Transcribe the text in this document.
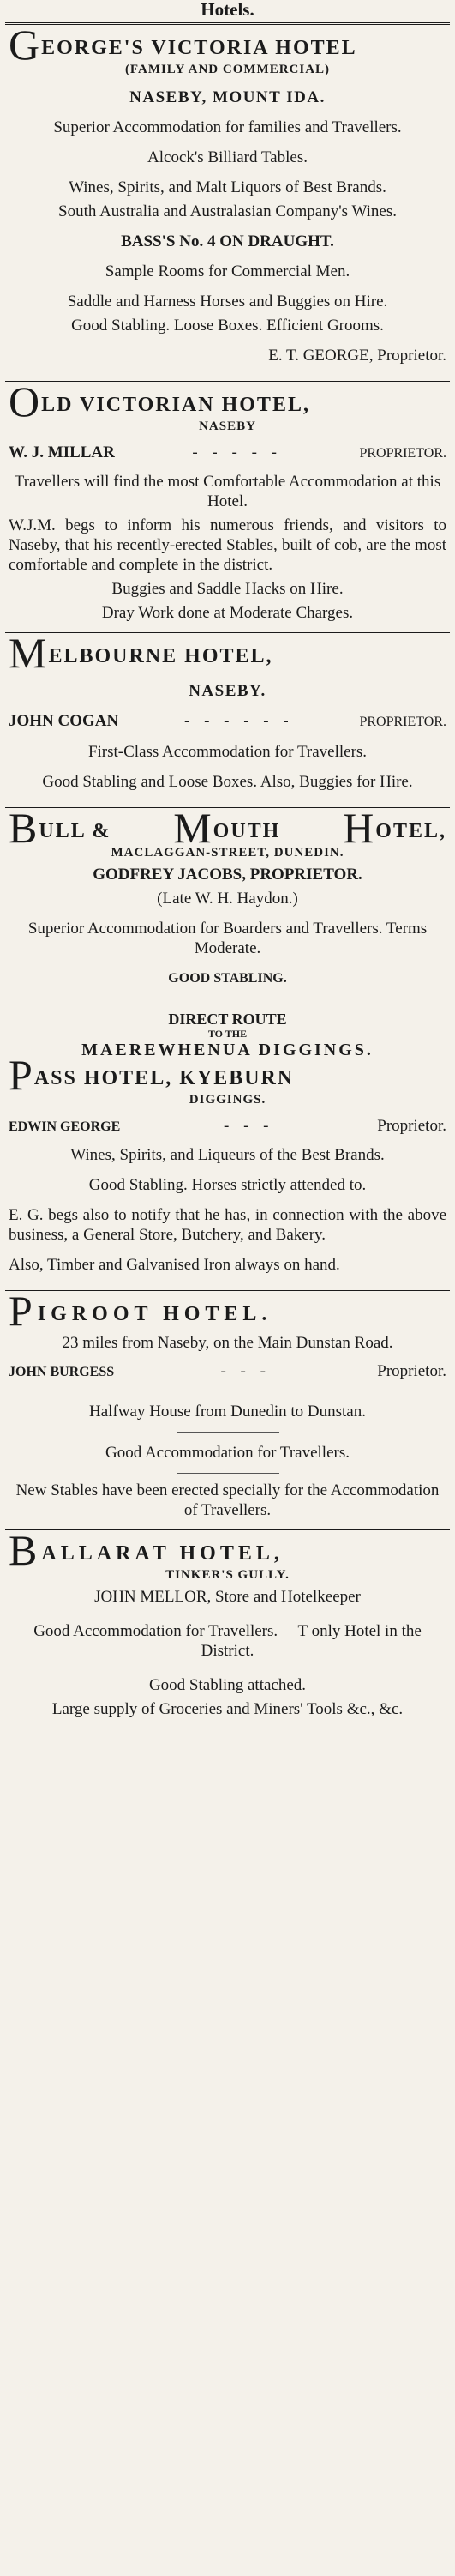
Hotels.
GEORGE'S VICTORIA HOTEL
(FAMILY AND COMMERCIAL)
NASEBY, MOUNT IDA.
Superior Accommodation for families and Travellers.
Alcock's Billiard Tables.
Wines, Spirits, and Malt Liquors of Best Brands.
South Australia and Australasian Company's Wines.
BASS'S No. 4 ON DRAUGHT.
Sample Rooms for Commercial Men.
Saddle and Harness Horses and Buggies on Hire.
Good Stabling. Loose Boxes. Efficient Grooms.
E. T. GEORGE, Proprietor.
OLD VICTORIAN HOTEL,
NASEBY
W. J. MILLAR	- - - - -	PROPRIETOR.
Travellers will find the most Comfortable Accommodation at this Hotel.
W.J.M. begs to inform his numerous friends, and visitors to Naseby, that his recently-erected Stables, built of cob, are the most comfortable and complete in the district.
Buggies and Saddle Hacks on Hire.
Dray Work done at Moderate Charges.
MELBOURNE HOTEL,
NASEBY.
JOHN COGAN	- - - - - -	PROPRIETOR.
First-Class Accommodation for Travellers.
Good Stabling and Loose Boxes. Also, Buggies for Hire.
BULL & MOUTH HOTEL,
MACLAGGAN-STREET, DUNEDIN.
GODFREY JACOBS, PROPRIETOR.
(Late W. H. Haydon.)
Superior Accommodation for Boarders and Travellers. Terms Moderate.
GOOD STABLING.
DIRECT ROUTE
TO THE
MAEREWHENUA DIGGINGS.
PASS HOTEL, KYEBURN
DIGGINGS.
EDWIN GEORGE	- - -	Proprietor.
Wines, Spirits, and Liqueurs of the Best Brands.
Good Stabling. Horses strictly attended to.
E. G. begs also to notify that he has, in connection with the above business, a General Store, Butchery, and Bakery.
Also, Timber and Galvanised Iron always on hand.
PIGROOT HOTEL.
23 miles from Naseby, on the Main Dunstan Road.
JOHN BURGESS	- - -	Proprietor.
Halfway House from Dunedin to Dunstan.
Good Accommodation for Travellers.
New Stables have been erected specially for the Accommodation of Travellers.
BALLARAT HOTEL,
TINKER'S GULLY.
JOHN MELLOR, Store and Hotelkeeper
Good Accommodation for Travellers.— T only Hotel in the District.
Good Stabling attached.
Large supply of Groceries and Miners' Tools &c., &c.
